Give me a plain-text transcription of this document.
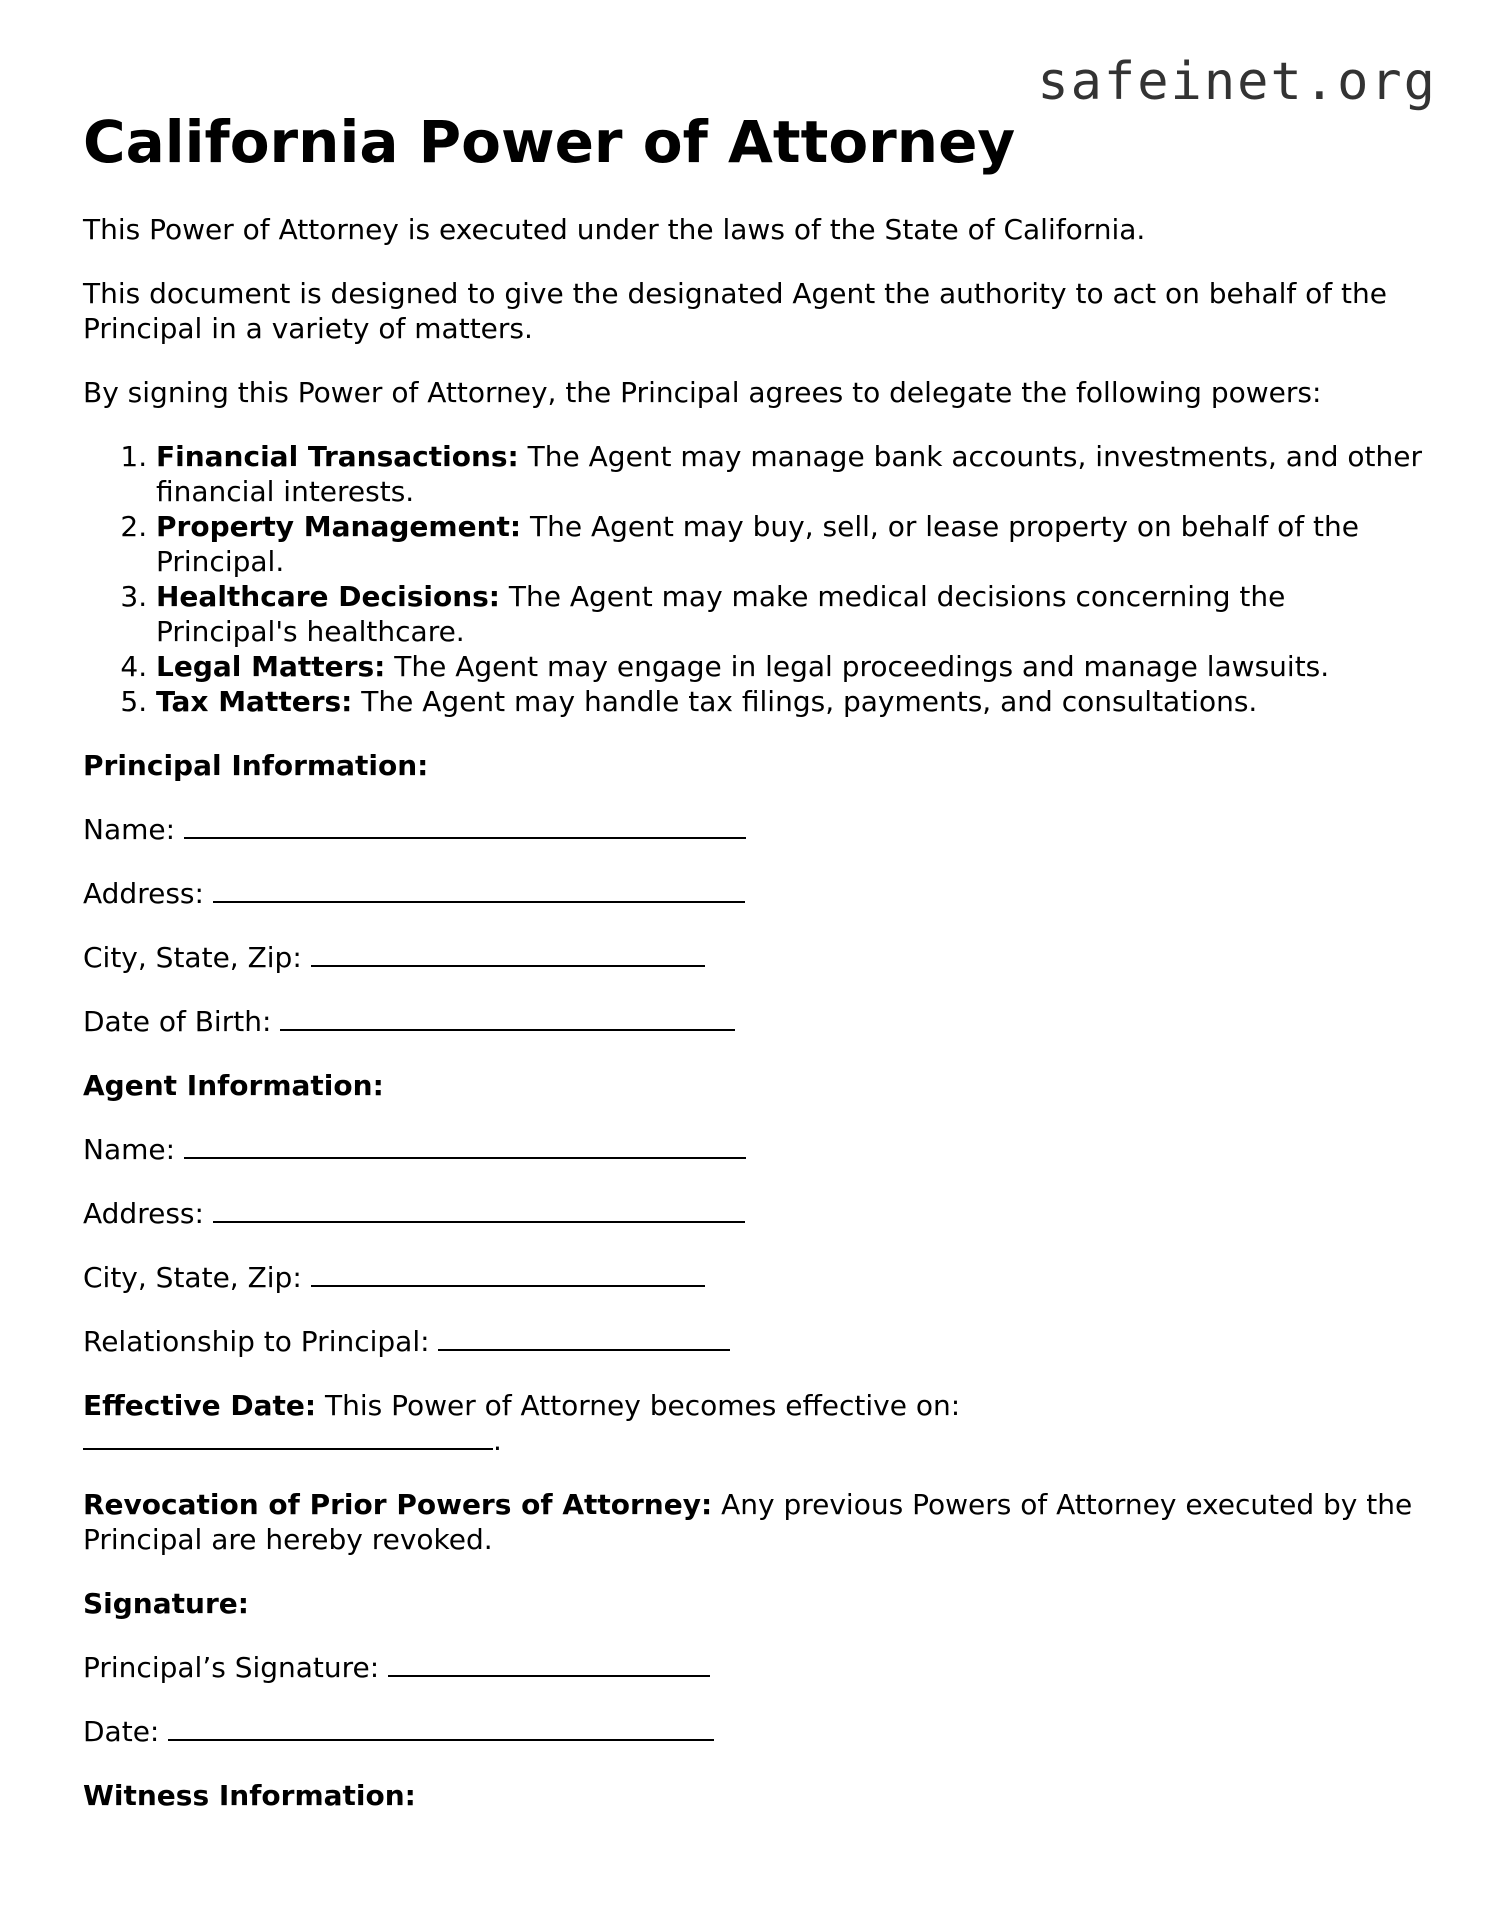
safeinet.org
California Power of Attorney

This Power of Attorney is executed under the laws of the State of California.

This document is designed to give the designated Agent the authority to act on behalf of the Principal in a variety of matters.

By signing this Power of Attorney, the Principal agrees to delegate the following powers:

1. Financial Transactions: The Agent may manage bank accounts, investments, and other financial interests.
2. Property Management: The Agent may buy, sell, or lease property on behalf of the Principal.
3. Healthcare Decisions: The Agent may make medical decisions concerning the Principal's healthcare.
4. Legal Matters: The Agent may engage in legal proceedings and manage lawsuits.
5. Tax Matters: The Agent may handle tax filings, payments, and consultations.

Principal Information:

Name:

Address:

City, State, Zip:

Date of Birth:

Agent Information:

Name:

Address:

City, State, Zip:

Relationship to Principal:

Effective Date: This Power of Attorney becomes effective on:
.

Revocation of Prior Powers of Attorney: Any previous Powers of Attorney executed by the Principal are hereby revoked.

Signature:

Principal’s Signature:

Date:

Witness Information:
